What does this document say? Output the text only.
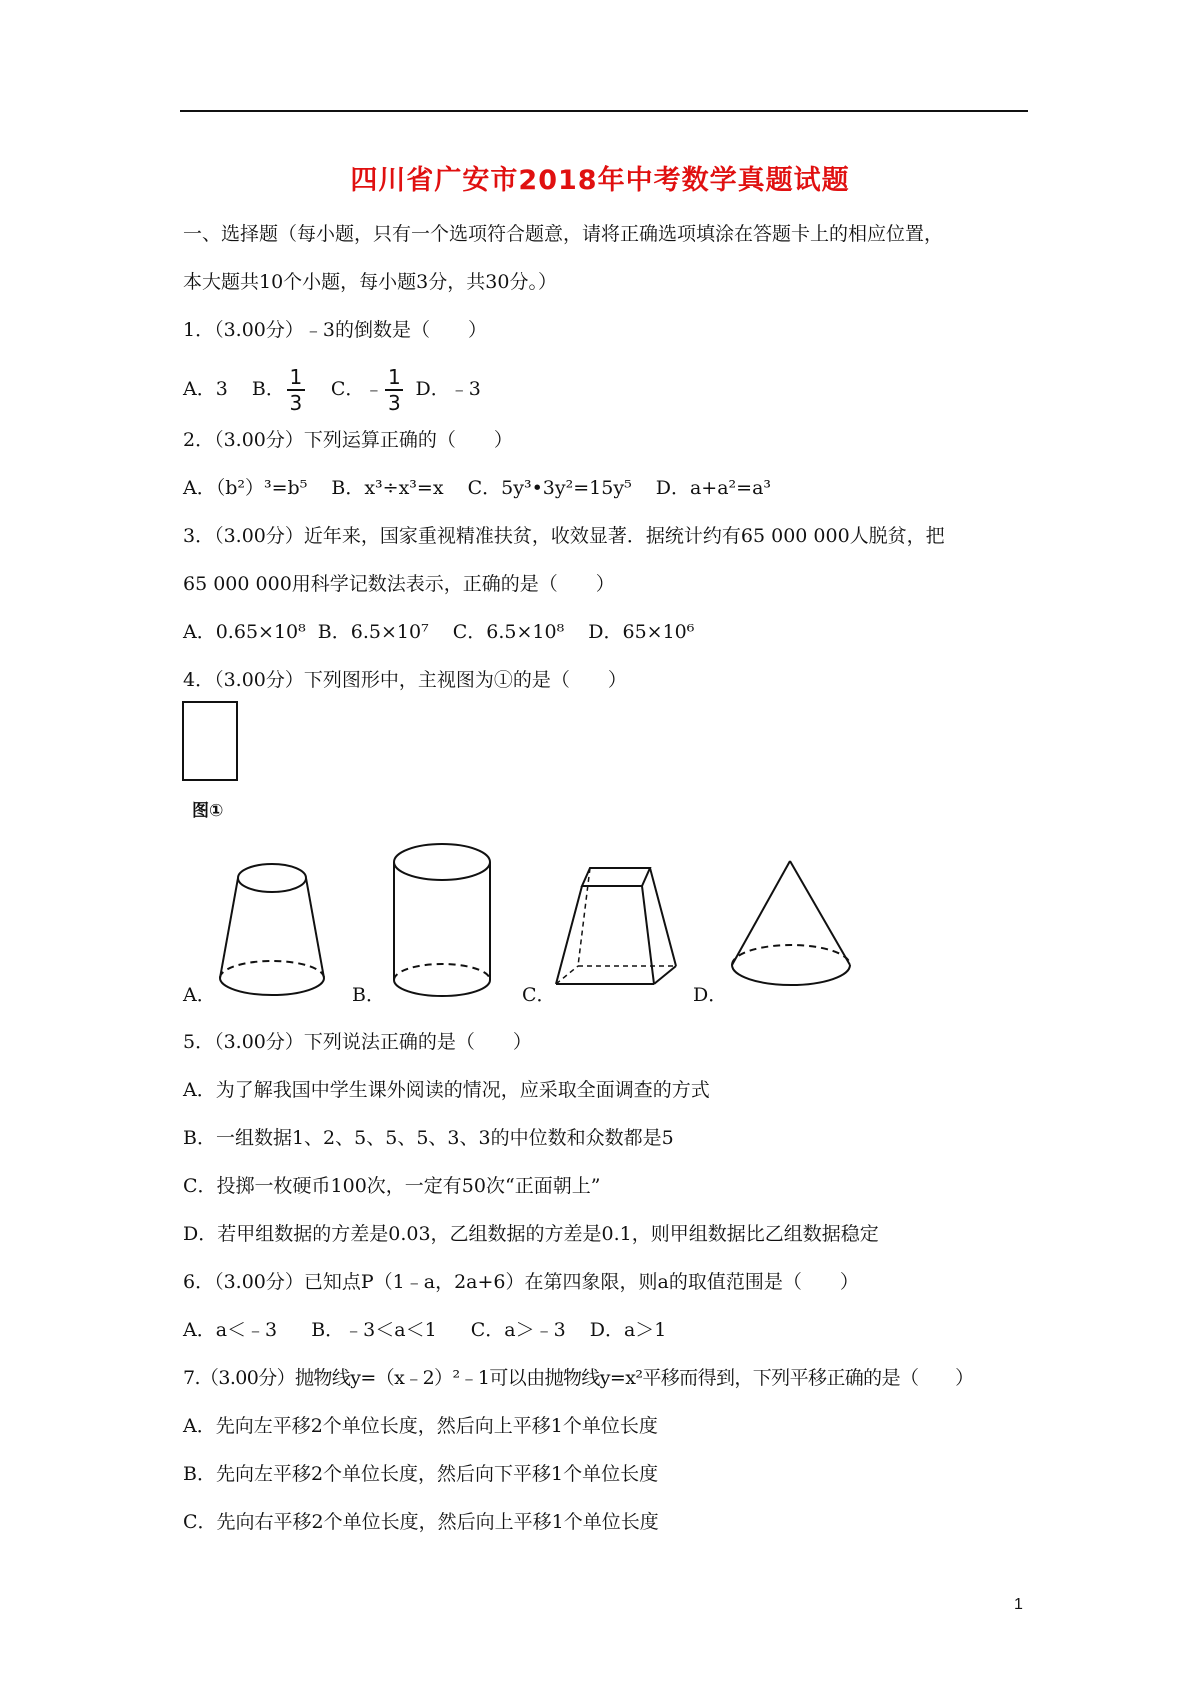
四川省广安市2018年中考数学真题试题
一、选择题（每小题，只有一个选项符合题意，请将正确选项填涂在答题卡上的相应位置，
本大题共10个小题，每小题3分，共30分。）
1．（3.00分）﹣3的倒数是（　　）
A．3 B． $\frac{1}{3}$ C．﹣ $\frac{1}{3}$ D．﹣3
2．（3.00分）下列运算正确的（　　）
A．（b²）³=b⁵ B．x³÷x³=x C．5y³•3y²=15y⁵ D．a+a²=a³
3．（3.00分）近年来，国家重视精准扶贫，收效显著．据统计约有65 000 000人脱贫，把
65 000 000用科学记数法表示，正确的是（　　）
A．0.65×10⁸ B．6.5×10⁷ C．6.5×10⁸ D．65×10⁶
4．（3.00分）下列图形中，主视图为①的是（　　）
图①
A．	B．	C．	D．
5．（3.00分）下列说法正确的是（　　）
A．为了解我国中学生课外阅读的情况，应采取全面调查的方式
B．一组数据1、2、5、5、5、3、3的中位数和众数都是5
C．投掷一枚硬币100次，一定有50次“正面朝上”
D．若甲组数据的方差是0.03，乙组数据的方差是0.1，则甲组数据比乙组数据稳定
6．（3.00分）已知点P（1﹣a，2a+6）在第四象限，则a的取值范围是（　　）
A．a＜﹣3 B．﹣3＜a＜1 C．a＞﹣3 D．a＞1
7.（3.00分）抛物线y=（x﹣2）²﹣1可以由抛物线y=x²平移而得到，下列平移正确的是（　　）
A．先向左平移2个单位长度，然后向上平移1个单位长度
B．先向左平移2个单位长度，然后向下平移1个单位长度
C．先向右平移2个单位长度，然后向上平移1个单位长度
1
